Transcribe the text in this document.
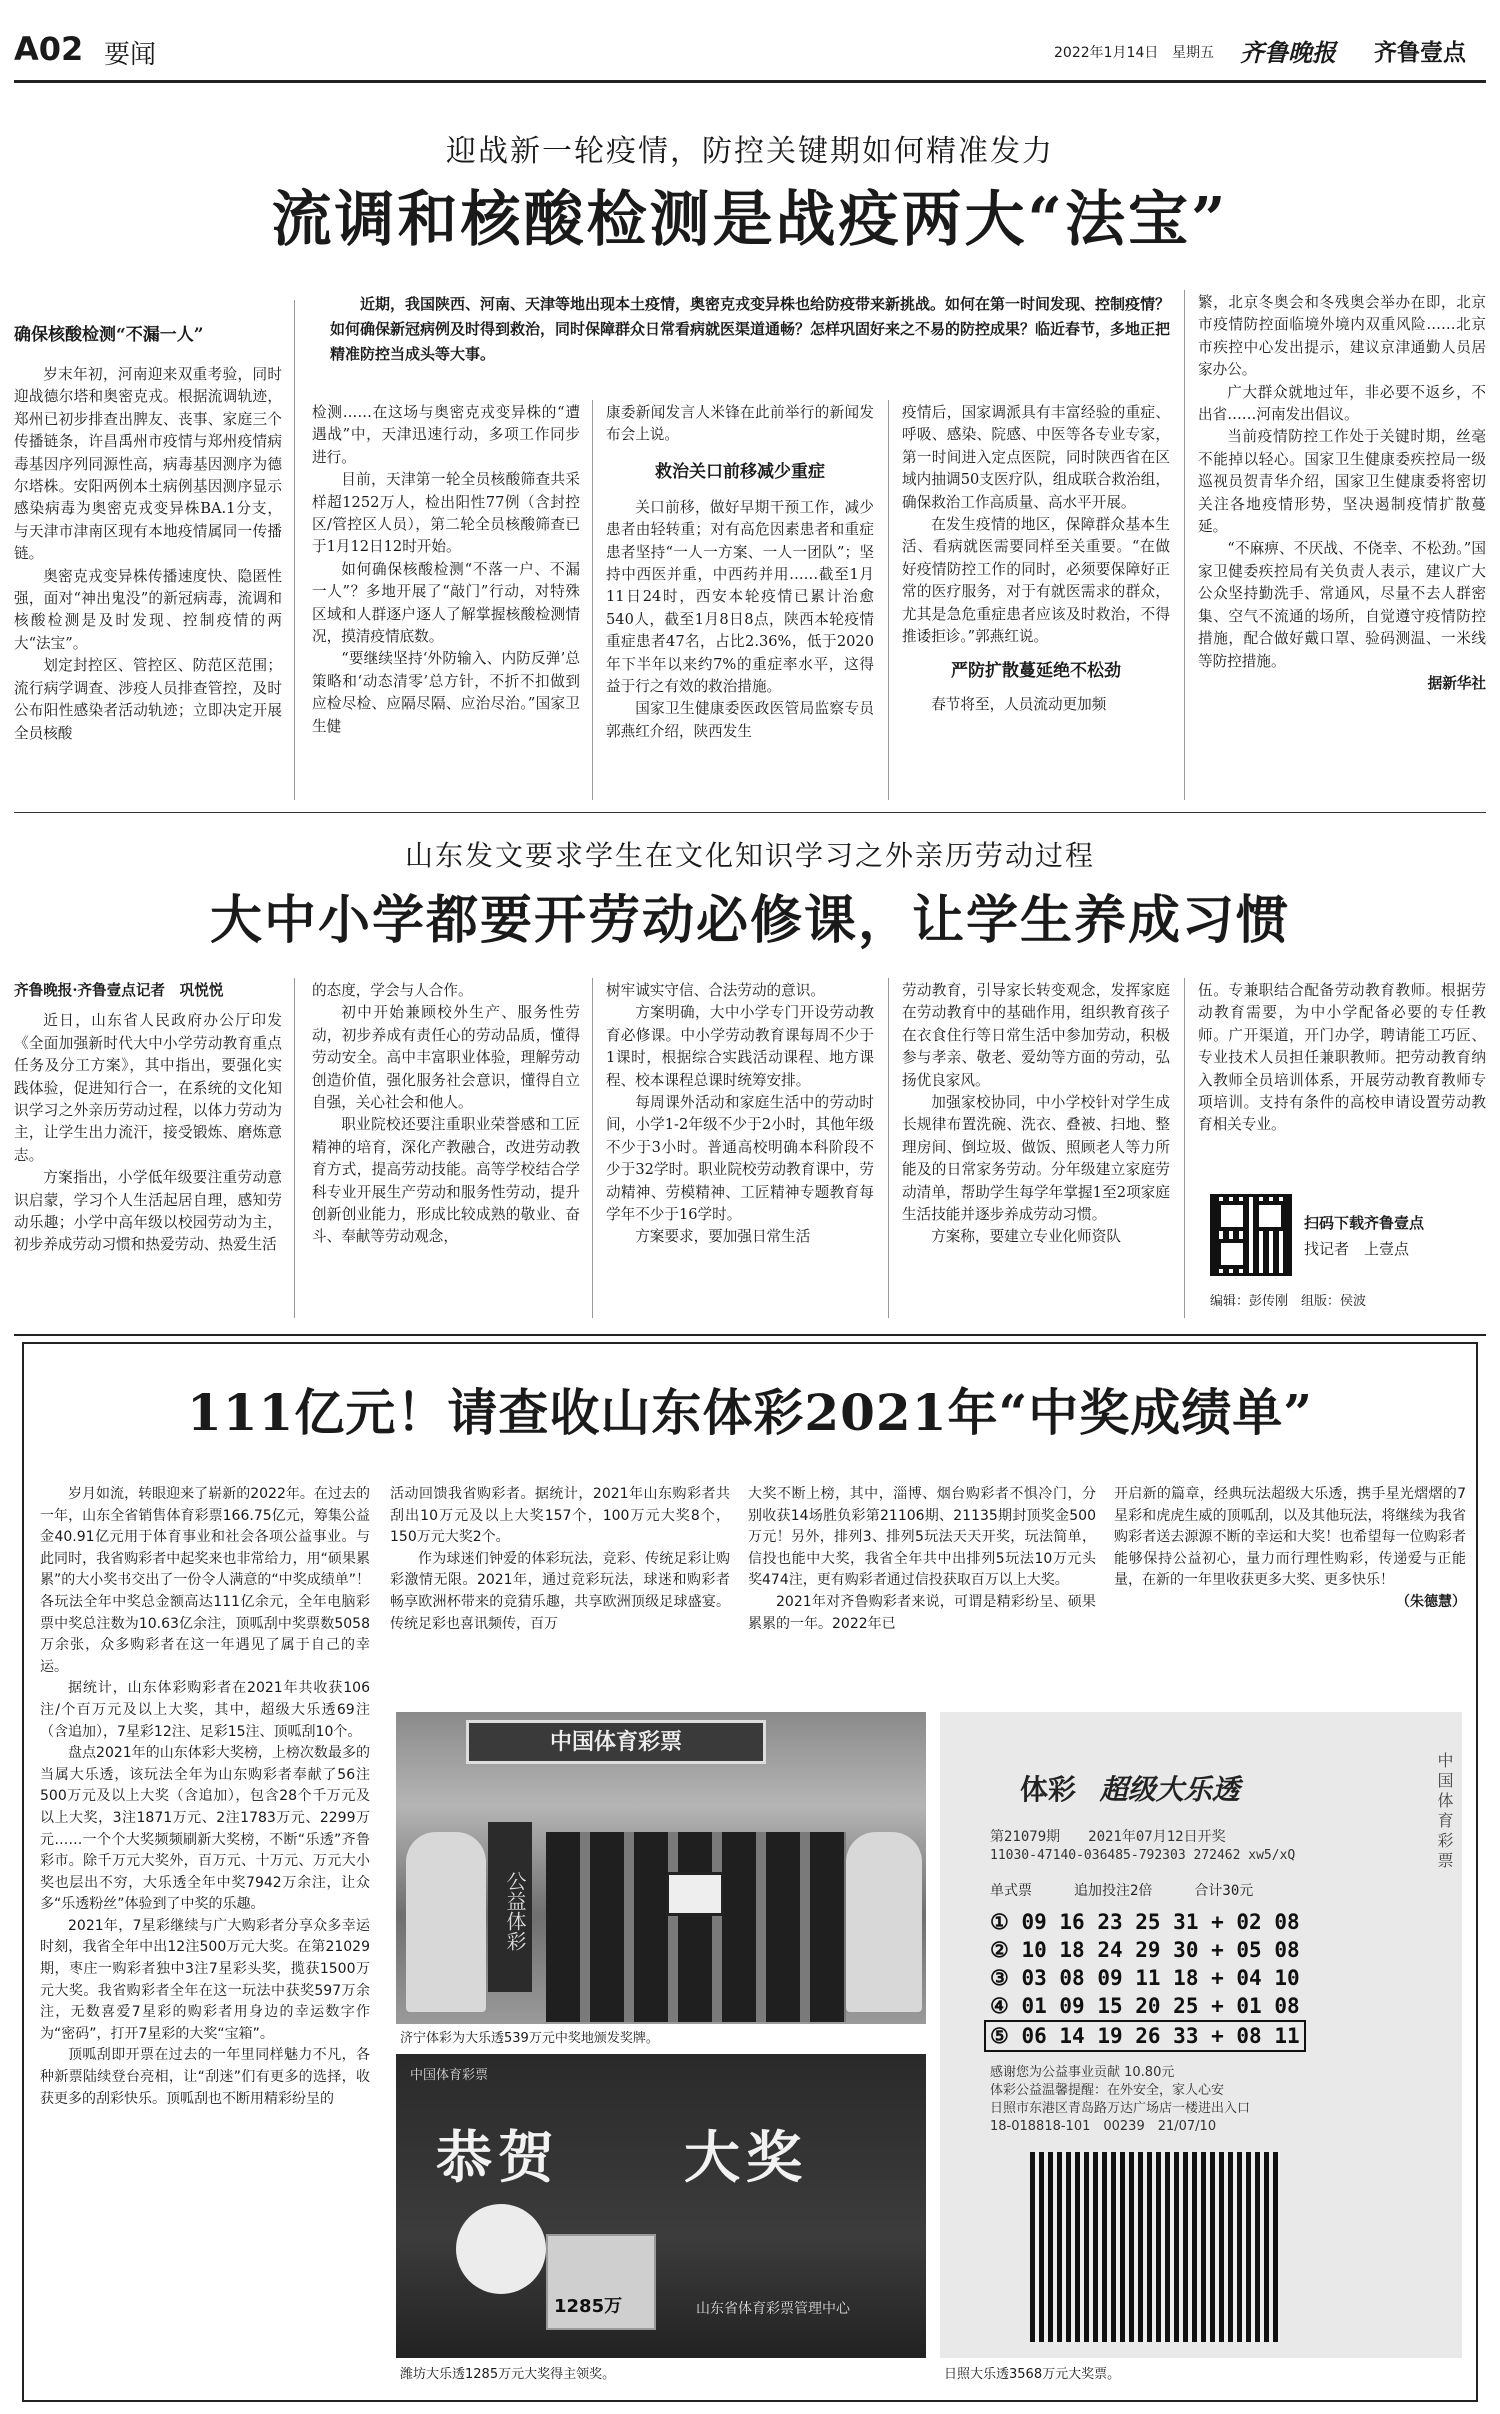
A02 要闻	2022年1月14日 星期五 齐鲁晚报 齐鲁壹点
迎战新一轮疫情，防控关键期如何精准发力
流调和核酸检测是战疫两大“法宝”

确保核酸检测“不漏一人”

岁末年初，河南迎来双重考验，同时迎战德尔塔和奥密克戎。根据流调轨迹，郑州已初步排查出脾友、丧事、家庭三个传播链条，许昌禹州市疫情与郑州疫情病毒基因序列同源性高，病毒基因测序为德尔塔株。安阳两例本土病例基因测序显示感染病毒为奥密克戎变异株BA.1分支，与天津市津南区现有本地疫情属同一传播链。

奥密克戎变异株传播速度快、隐匿性强，面对“神出鬼没”的新冠病毒，流调和核酸检测是及时发现、控制疫情的两大“法宝”。

划定封控区、管控区、防范区范围；流行病学调查、涉疫人员排查管控，及时公布阳性感染者活动轨迹；立即决定开展全员核酸

近期，我国陕西、河南、天津等地出现本土疫情，奥密克戎变异株也给防疫带来新挑战。如何在第一时间发现、控制疫情？如何确保新冠病例及时得到救治，同时保障群众日常看病就医渠道通畅？怎样巩固好来之不易的防控成果？临近春节，多地正把精准防控当成头等大事。

检测……在这场与奥密克戎变异株的“遭遇战”中，天津迅速行动，多项工作同步进行。

目前，天津第一轮全员核酸筛查共采样超1252万人，检出阳性77例（含封控区/管控区人员），第二轮全员核酸筛查已于1月12日12时开始。

如何确保核酸检测“不落一户、不漏一人”？多地开展了“敲门”行动，对特殊区域和人群逐户逐人了解掌握核酸检测情况，摸清疫情底数。

“要继续坚持‘外防输入、内防反弹’总策略和‘动态清零’总方针，不折不扣做到应检尽检、应隔尽隔、应治尽治。”国家卫生健

康委新闻发言人米锋在此前举行的新闻发布会上说。

救治关口前移减少重症

关口前移，做好早期干预工作，减少患者由轻转重；对有高危因素患者和重症患者坚持“一人一方案、一人一团队”；坚持中西医并重，中西药并用……截至1月11日24时，西安本轮疫情已累计治愈540人，截至1月8日8点，陕西本轮疫情重症患者47名，占比2.36%，低于2020年下半年以来约7%的重症率水平，这得益于行之有效的救治措施。

国家卫生健康委医政医管局监察专员郭燕红介绍，陕西发生

疫情后，国家调派具有丰富经验的重症、呼吸、感染、院感、中医等各专业专家，第一时间进入定点医院，同时陕西省在区域内抽调50支医疗队，组成联合救治组，确保救治工作高质量、高水平开展。

在发生疫情的地区，保障群众基本生活、看病就医需要同样至关重要。“在做好疫情防控工作的同时，必须要保障好正常的医疗服务，对于有就医需求的群众，尤其是急危重症患者应该及时救治，不得推诿拒诊。”郭燕红说。

严防扩散蔓延绝不松劲

春节将至，人员流动更加频

繁，北京冬奥会和冬残奥会举办在即，北京市疫情防控面临境外境内双重风险……北京市疾控中心发出提示，建议京津通勤人员居家办公。

广大群众就地过年，非必要不返乡，不出省……河南发出倡议。

当前疫情防控工作处于关键时期，丝毫不能掉以轻心。国家卫生健康委疾控局一级巡视员贺青华介绍，国家卫生健康委将密切关注各地疫情形势，坚决遏制疫情扩散蔓延。

“不麻痹、不厌战、不侥幸、不松劲。”国家卫健委疾控局有关负责人表示，建议广大公众坚持勤洗手、常通风，尽量不去人群密集、空气不流通的场所，自觉遵守疫情防控措施，配合做好戴口罩、验码测温、一米线等防控措施。

据新华社

山东发文要求学生在文化知识学习之外亲历劳动过程
大中小学都要开劳动必修课，让学生养成习惯

齐鲁晚报·齐鲁壹点记者　巩悦悦

近日，山东省人民政府办公厅印发《全面加强新时代大中小学劳动教育重点任务及分工方案》，其中指出，要强化实践体验，促进知行合一，在系统的文化知识学习之外亲历劳动过程，以体力劳动为主，让学生出力流汗，接受锻炼、磨炼意志。

方案指出，小学低年级要注重劳动意识启蒙，学习个人生活起居自理，感知劳动乐趣；小学中高年级以校园劳动为主，初步养成劳动习惯和热爱劳动、热爱生活

的态度，学会与人合作。

初中开始兼顾校外生产、服务性劳动，初步养成有责任心的劳动品质，懂得劳动安全。高中丰富职业体验，理解劳动创造价值，强化服务社会意识，懂得自立自强，关心社会和他人。

职业院校还要注重职业荣誉感和工匠精神的培育，深化产教融合，改进劳动教育方式，提高劳动技能。高等学校结合学科专业开展生产劳动和服务性劳动，提升创新创业能力，形成比较成熟的敬业、奋斗、奉献等劳动观念，

树牢诚实守信、合法劳动的意识。

方案明确，大中小学专门开设劳动教育必修课。中小学劳动教育课每周不少于1课时，根据综合实践活动课程、地方课程、校本课程总课时统筹安排。

每周课外活动和家庭生活中的劳动时间，小学1-2年级不少于2小时，其他年级不少于3小时。普通高校明确本科阶段不少于32学时。职业院校劳动教育课中，劳动精神、劳模精神、工匠精神专题教育每学年不少于16学时。

方案要求，要加强日常生活

劳动教育，引导家长转变观念，发挥家庭在劳动教育中的基础作用，组织教育孩子在衣食住行等日常生活中参加劳动，积极参与孝亲、敬老、爱幼等方面的劳动，弘扬优良家风。

加强家校协同，中小学校针对学生成长规律布置洗碗、洗衣、叠被、扫地、整理房间、倒垃圾、做饭、照顾老人等力所能及的日常家务劳动。分年级建立家庭劳动清单，帮助学生每学年掌握1至2项家庭生活技能并逐步养成劳动习惯。

方案称，要建立专业化师资队

伍。专兼职结合配备劳动教育教师。根据劳动教育需要，为中小学配备必要的专任教师。广开渠道，开门办学，聘请能工巧匠、专业技术人员担任兼职教师。把劳动教育纳入教师全员培训体系，开展劳动教育教师专项培训。支持有条件的高校申请设置劳动教育相关专业。

扫码下载齐鲁壹点
找记者　上壹点
编辑：彭传刚　组版：侯波
111亿元！请查收山东体彩2021年“中奖成绩单”

岁月如流，转眼迎来了崭新的2022年。在过去的一年，山东全省销售体育彩票166.75亿元，筹集公益金40.91亿元用于体育事业和社会各项公益事业。与此同时，我省购彩者中起奖来也非常给力，用“硕果累累”的大小奖书交出了一份令人满意的“中奖成绩单”！各玩法全年中奖总金额高达111亿余元，全年电脑彩票中奖总注数为10.63亿余注，顶呱刮中奖票数5058万余张，众多购彩者在这一年遇见了属于自己的幸运。

据统计，山东体彩购彩者在2021年共收获106注/个百万元及以上大奖，其中，超级大乐透69注（含追加），7星彩12注、足彩15注、顶呱刮10个。

盘点2021年的山东体彩大奖榜，上榜次数最多的当属大乐透，该玩法全年为山东购彩者奉献了56注500万元及以上大奖（含追加），包含28个千万元及以上大奖，3注1871万元、2注1783万元、2299万元……一个个大奖频频刷新大奖榜，不断“乐透”齐鲁彩市。除千万元大奖外，百万元、十万元、万元大小奖也层出不穷，大乐透全年中奖7942万余注，让众多“乐透粉丝”体验到了中奖的乐趣。

2021年，7星彩继续与广大购彩者分享众多幸运时刻，我省全年中出12注500万元大奖。在第21029期，枣庄一购彩者独中3注7星彩头奖，揽获1500万元大奖。我省购彩者全年在这一玩法中获奖597万余注，无数喜爱7星彩的购彩者用身边的幸运数字作为“密码”，打开7星彩的大奖“宝箱”。

顶呱刮即开票在过去的一年里同样魅力不凡，各种新票陆续登台亮相，让“刮迷”们有更多的选择，收获更多的刮彩快乐。顶呱刮也不断用精彩纷呈的

活动回馈我省购彩者。据统计，2021年山东购彩者共刮出10万元及以上大奖157个，100万元大奖8个，150万元大奖2个。

作为球迷们钟爱的体彩玩法，竞彩、传统足彩让购彩激情无限。2021年，通过竞彩玩法，球迷和购彩者畅享欧洲杯带来的竞猜乐趣，共享欧洲顶级足球盛宴。传统足彩也喜讯频传，百万

大奖不断上榜，其中，淄博、烟台购彩者不惧冷门，分别收获14场胜负彩第21106期、21135期封顶奖金500万元！另外，排列3、排列5玩法天天开奖，玩法简单，信投也能中大奖，我省全年共中出排列5玩法10万元头奖474注，更有购彩者通过信投获取百万以上大奖。

2021年对齐鲁购彩者来说，可谓是精彩纷呈、硕果累累的一年。2022年已

开启新的篇章，经典玩法超级大乐透，携手星光熠熠的7星彩和虎虎生威的顶呱刮，以及其他玩法，将继续为我省购彩者送去源源不断的幸运和大奖！也希望每一位购彩者能够保持公益初心，量力而行理性购彩，传递爱与正能量，在新的一年里收获更多大奖、更多快乐！

（朱德慧）

中国体育彩票
公益体彩
济宁体彩为大乐透539万元中奖地颁发奖牌。
中国体育彩票
恭贺　　大奖
1285万	山东省体育彩票管理中心
潍坊大乐透1285万元大奖得主领奖。
体彩 超级大乐透
第21079期　　2021年07月12日开奖
11030-47140-036485-792303 272462 xw5/xQ
单式票　　　追加投注2倍　　　合计30元
① 09 16 23 25 31 + 02 08
② 10 18 24 29 30 + 05 08
③ 03 08 09 11 18 + 04 10
④ 01 09 15 20 25 + 01 08
⑤ 06 14 19 26 33 + 08 11
感谢您为公益事业贡献 10.80元
体彩公益温馨提醒：在外安全，家人心安
日照市东港区青岛路万达广场店一楼进出入口
18-018818-101　00239　21/07/10
中国体育彩票
日照大乐透3568万元大奖票。
